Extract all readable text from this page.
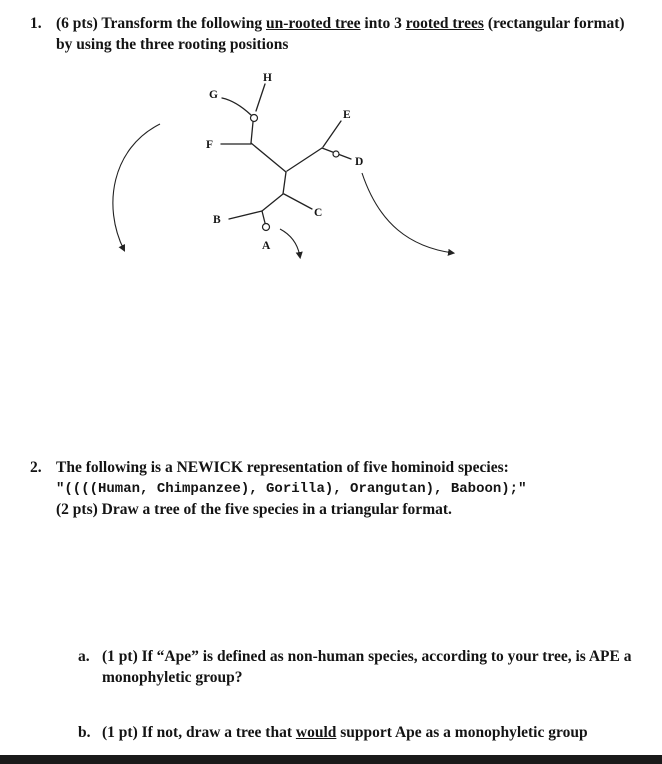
1. (6 pts) Transform the following un-rooted tree into 3 rooted trees (rectangular format) by using the three rooting positions
H
G
E
F
D
C
B
A
2. The following is a NEWICK representation of five hominoid species:
"((((Human, Chimpanzee), Gorilla), Orangutan), Baboon);"
(2 pts) Draw a tree of the five species in a triangular format.
a. (1 pt) If “Ape” is defined as non-human species, according to your tree, is APE a monophyletic group?
b. (1 pt) If not, draw a tree that would support Ape as a monophyletic group
